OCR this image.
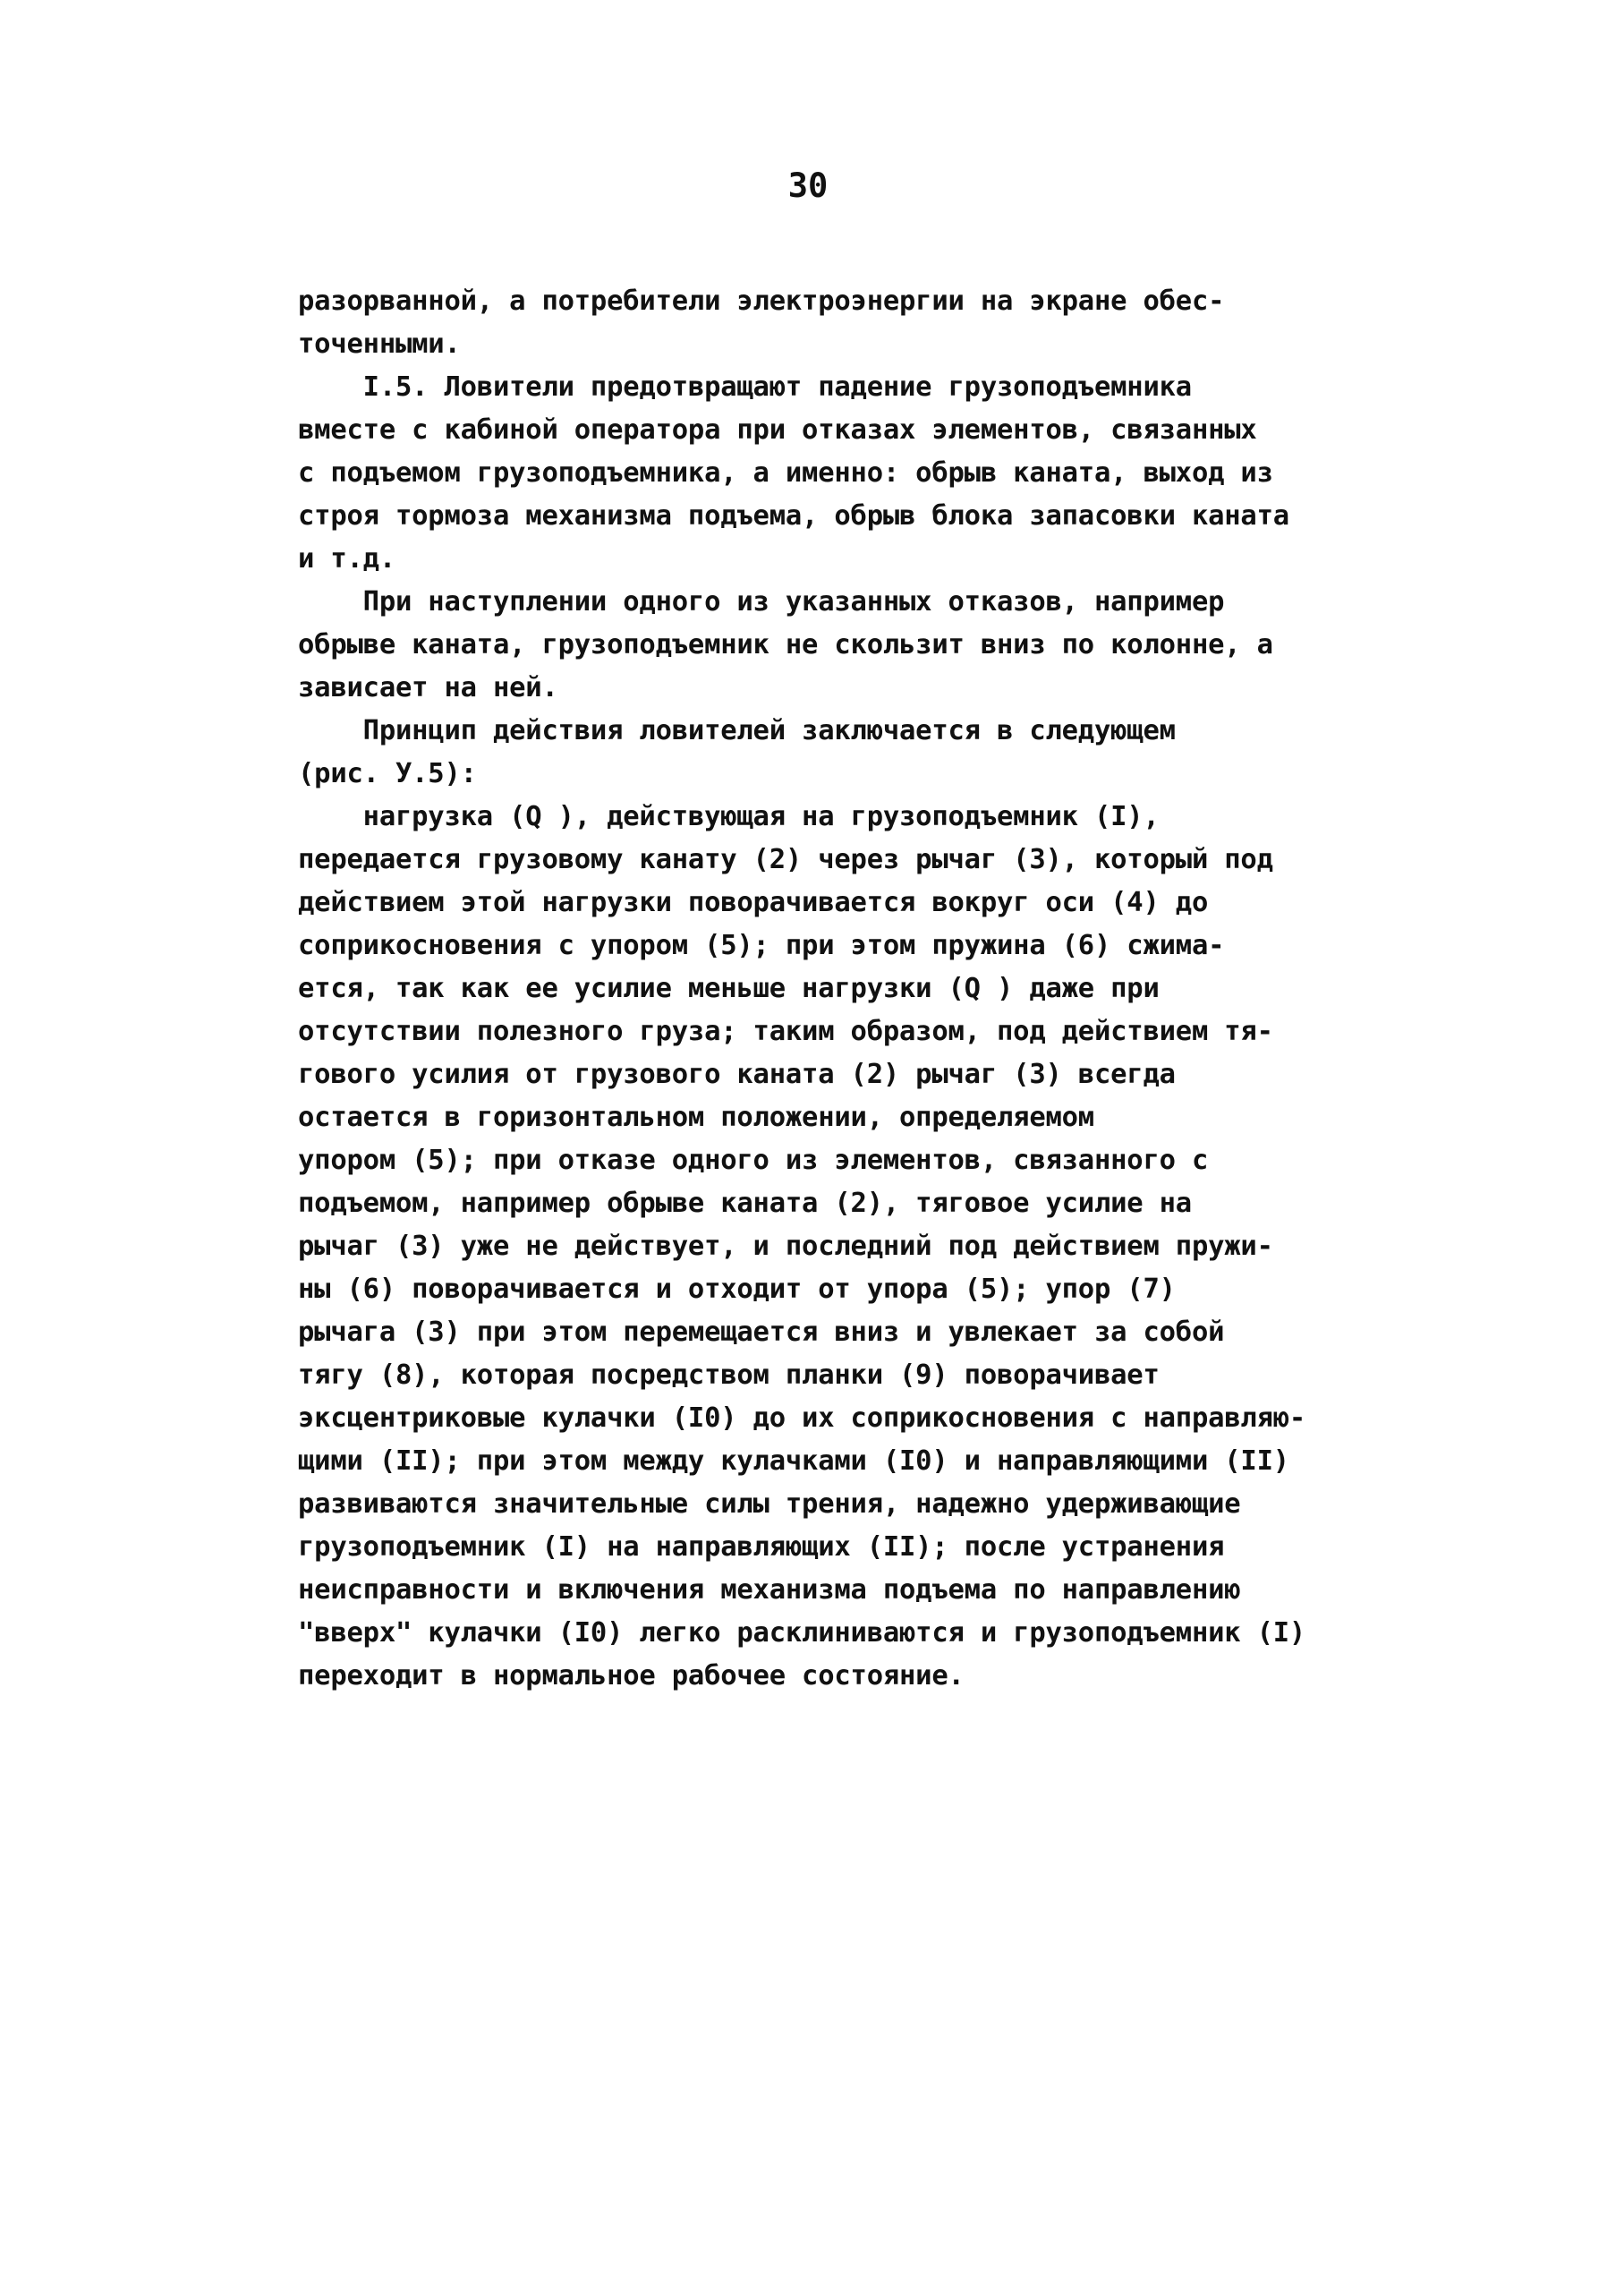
30
разорванной, а потребители электроэнергии на экране обес-
точенными.
I.5. Ловители предотвращают падение грузоподъемника
вместе с кабиной оператора при отказах элементов, связанных
с подъемом грузоподъемника, а именно: обрыв каната, выход из
строя тормоза механизма подъема, обрыв блока запасовки каната
и т.д.
При наступлении одного из указанных отказов, например
обрыве каната, грузоподъемник не скользит вниз по колонне, а
зависает на ней.
Принцип действия ловителей заключается в следующем
(рис. У.5):
нагрузка (Q ), действующая на грузоподъемник (I),
передается грузовому канату (2) через рычаг (3), который под
действием этой нагрузки поворачивается вокруг оси (4) до
соприкосновения с упором (5); при этом пружина (6) сжима-
ется, так как ее усилие меньше нагрузки (Q ) даже при
отсутствии полезного груза; таким образом, под действием тя-
гового усилия от грузового каната (2) рычаг (3) всегда
остается в горизонтальном положении, определяемом
упором (5); при отказе одного из элементов, связанного с
подъемом, например обрыве каната (2), тяговое усилие на
рычаг (3) уже не действует, и последний под действием пружи-
ны (6) поворачивается и отходит от упора (5); упор (7)
рычага (3) при этом перемещается вниз и увлекает за собой
тягу (8), которая посредством планки (9) поворачивает
эксцентриковые кулачки (I0) до их соприкосновения с направляю-
щими (II); при этом между кулачками (I0) и направляющими (II)
развиваются значительные силы трения, надежно удерживающие
грузоподъемник (I) на направляющих (II); после устранения
неисправности и включения механизма подъема по направлению
"вверх" кулачки (I0) легко расклиниваются и грузоподъемник (I)
переходит в нормальное рабочее состояние.
